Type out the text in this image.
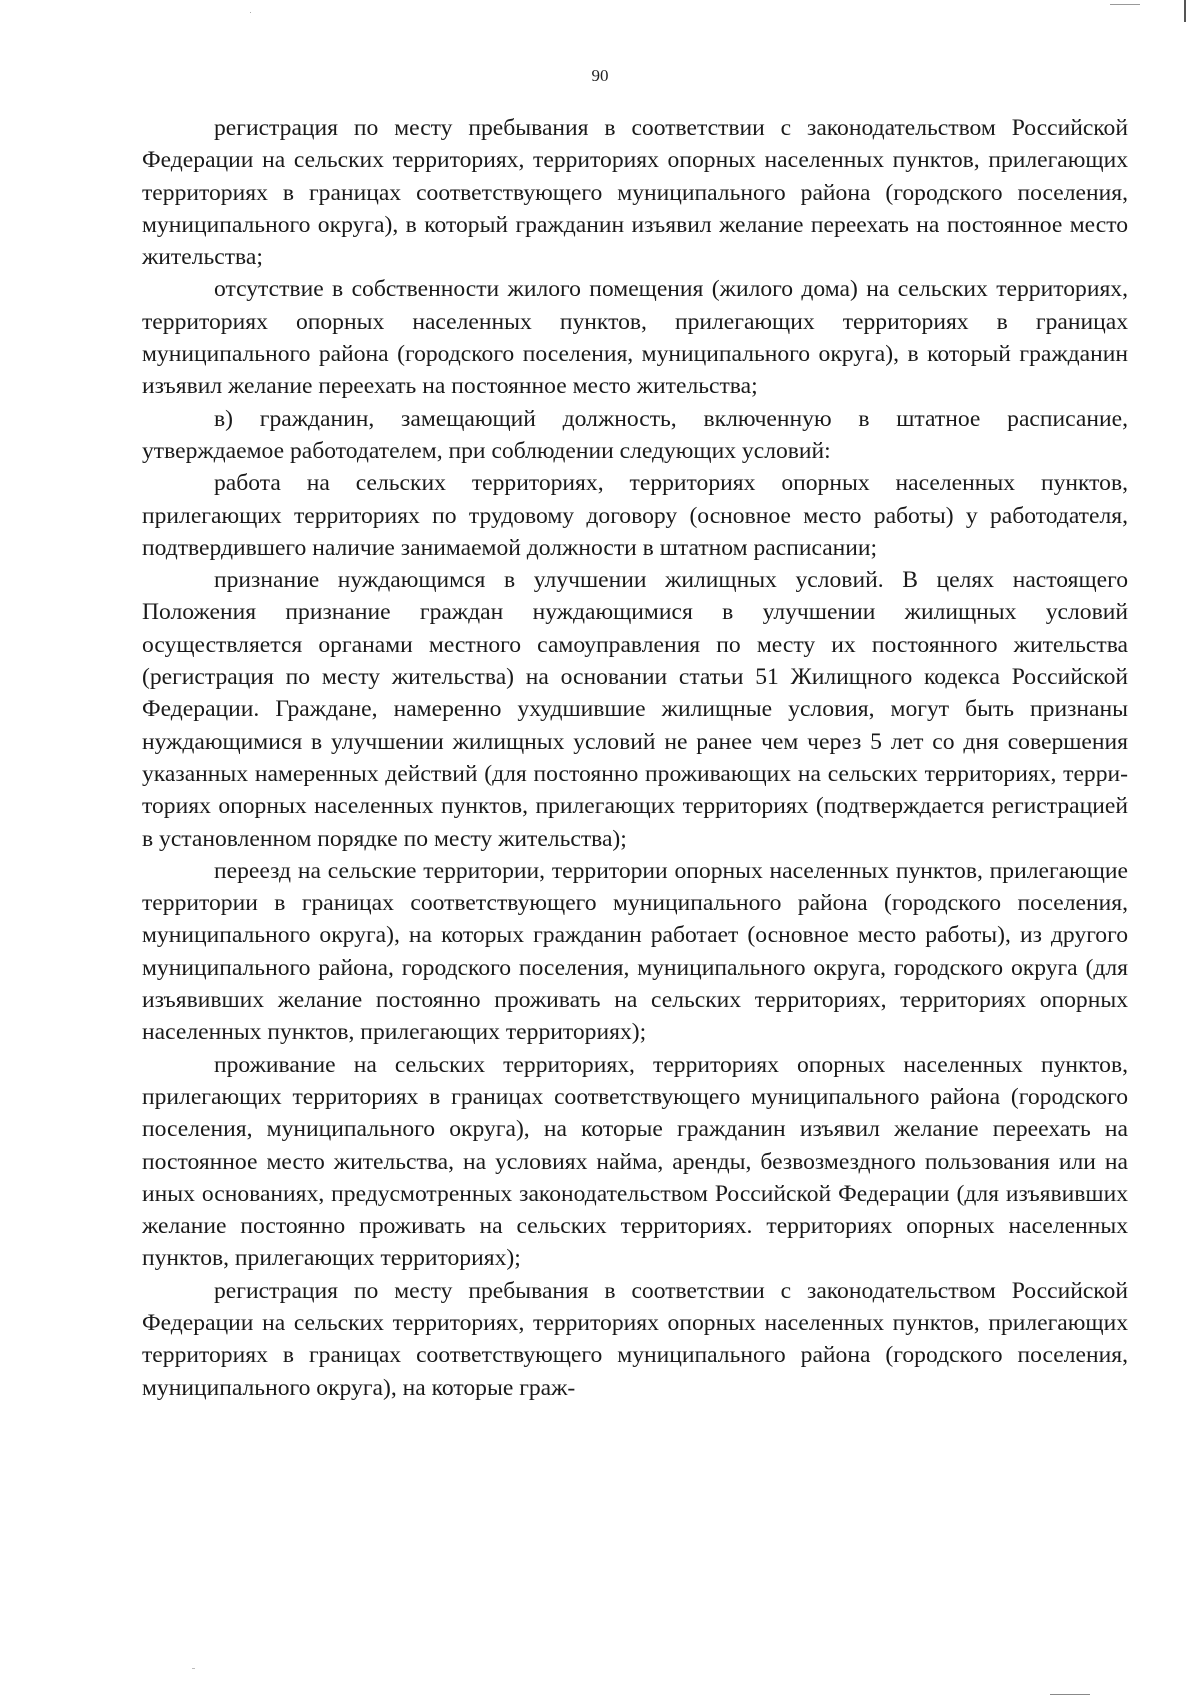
90

регистрация по месту пребывания в соответствии с законодательством Российской Федерации на сельских территориях, территориях опорных населенных пунктов, прилегающих территориях в границах соответствующего муниципального района (городского поселения, муниципального округа), в который гражданин изъявил желание переехать на постоянное место жительства;

отсутствие в собственности жилого помещения (жилого дома) на сельских территориях, территориях опорных населенных пунктов, прилегающих территориях в границах муниципального района (городского поселения, муниципального округа), в который гражданин изъявил желание переехать на постоянное место жительства;

в) гражданин, замещающий должность, включенную в штатное расписание, утверждаемое работодателем, при соблюдении следующих условий:

работа на сельских территориях, территориях опорных населенных пунктов, прилегающих территориях по трудовому договору (основное место работы) у работодателя, подтвердившего наличие занимаемой должности в штатном расписании;

признание нуждающимся в улучшении жилищных условий. В целях настоящего Положения признание граждан нуждающимися в улучшении жилищных условий осуществляется органами местного самоуправления по месту их постоянного жительства (регистрация по месту жительства) на основании статьи 51 Жилищного кодекса Российской Федерации. Граждане, намеренно ухудшившие жилищные условия, могут быть признаны нуждающимися в улучшении жилищных условий не ранее чем через 5 лет со дня совершения указанных намеренных действий (для постоянно проживающих на сельских территориях, территориях опорных населенных пунктов, прилегающих территориях (подтверждается регистрацией в установленном порядке по месту жительства);

переезд на сельские территории, территории опорных населенных пунктов, прилегающие территории в границах соответствующего муниципального района (городского поселения, муниципального округа), на которых гражданин работает (основное место работы), из другого муниципального района, городского поселения, муниципального округа, городского округа (для изъявивших желание постоянно проживать на сельских территориях, территориях опорных населенных пунктов, прилегающих территориях);

проживание на сельских территориях, территориях опорных населенных пунктов, прилегающих территориях в границах соответствующего муниципального района (городского поселения, муниципального округа), на которые гражданин изъявил желание переехать на постоянное место жительства, на условиях найма, аренды, безвозмездного пользования или на иных основаниях, предусмотренных законодательством Российской Федерации (для изъявивших желание постоянно проживать на сельских территориях. территориях опорных населенных пунктов, прилегающих территориях);

регистрация по месту пребывания в соответствии с законодательством Российской Федерации на сельских территориях, территориях опорных населенных пунктов, прилегающих территориях в границах соответствующего муниципального района (городского поселения, муниципального округа), на которые граж-
